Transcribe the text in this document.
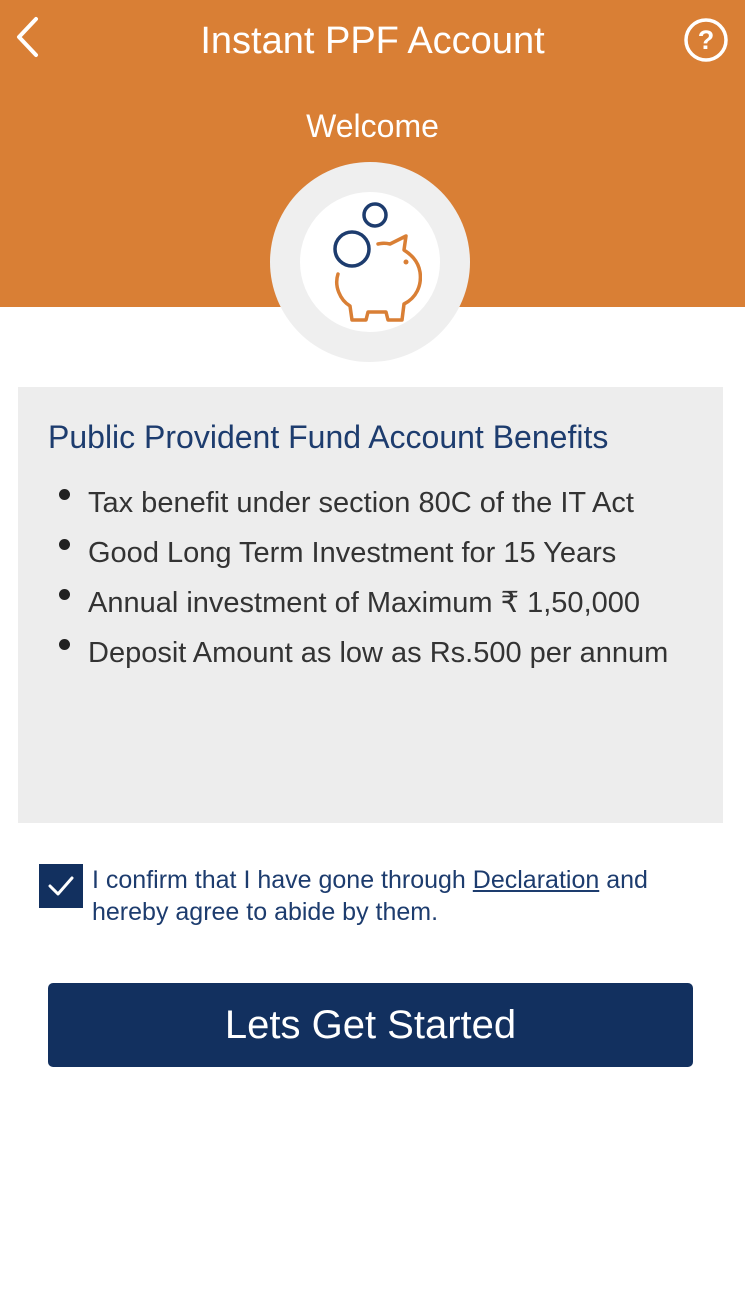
Instant PPF Account	?
Welcome
Public Provident Fund Account Benefits
Tax benefit under section 80C of the IT Act
Good Long Term Investment for 15 Years
Annual investment of Maximum ₹ 1,50,000
Deposit Amount as low as Rs.500 per annum
I confirm that I have gone through Declaration and hereby agree to abide by them.
Lets Get Started
